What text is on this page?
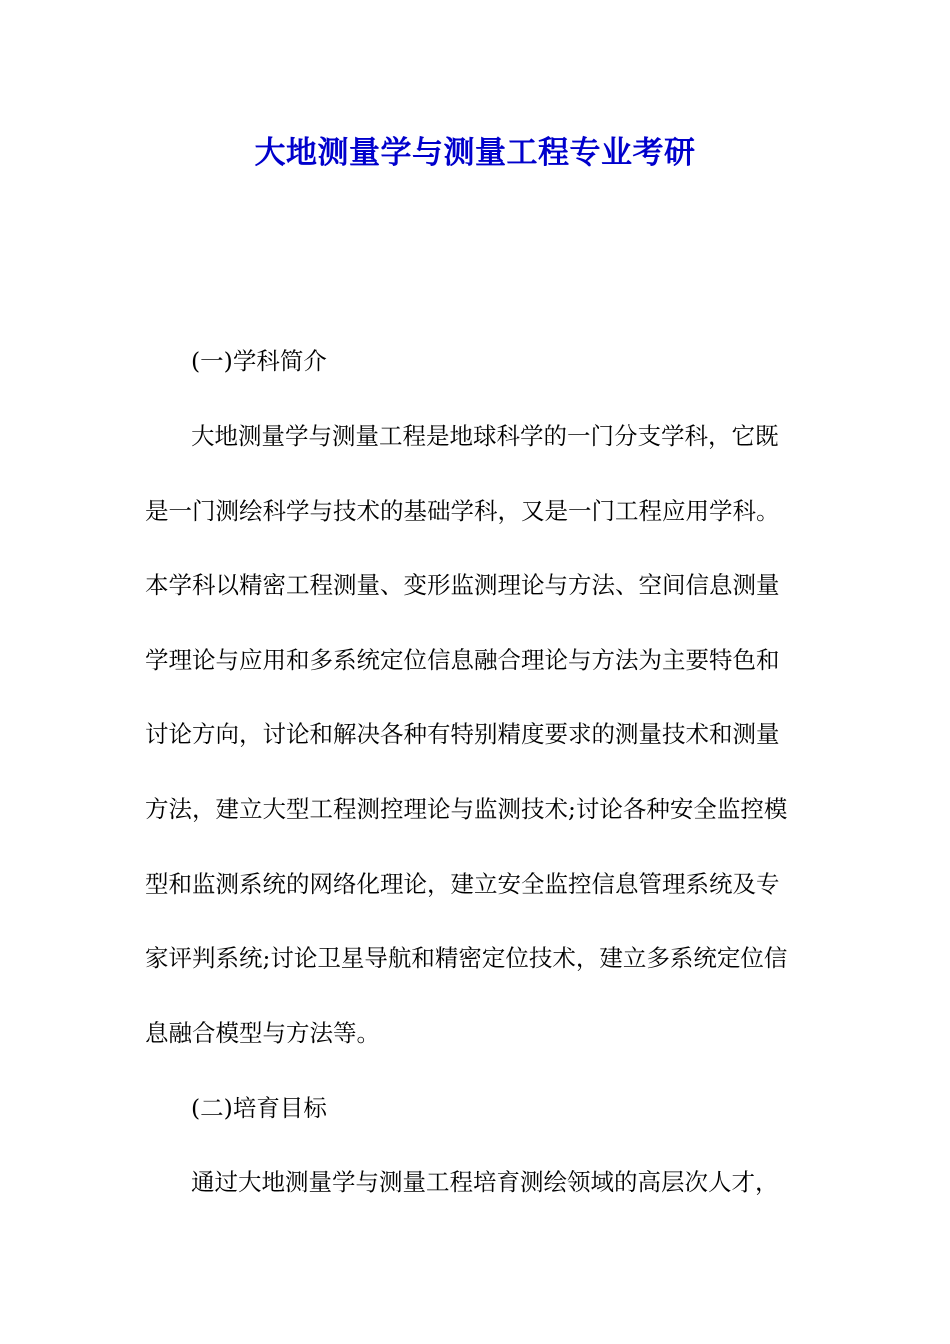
大地测量学与测量工程专业考研
(一)学科简介
大地测量学与测量工程是地球科学的一门分支学科，它既
是一门测绘科学与技术的基础学科，又是一门工程应用学科。
本学科以精密工程测量、变形监测理论与方法、空间信息测量
学理论与应用和多系统定位信息融合理论与方法为主要特色和
讨论方向，讨论和解决各种有特别精度要求的测量技术和测量
方法，建立大型工程测控理论与监测技术;讨论各种安全监控模
型和监测系统的网络化理论，建立安全监控信息管理系统及专
家评判系统;讨论卫星导航和精密定位技术，建立多系统定位信
息融合模型与方法等。
(二)培育目标
通过大地测量学与测量工程培育测绘领域的高层次人才，
